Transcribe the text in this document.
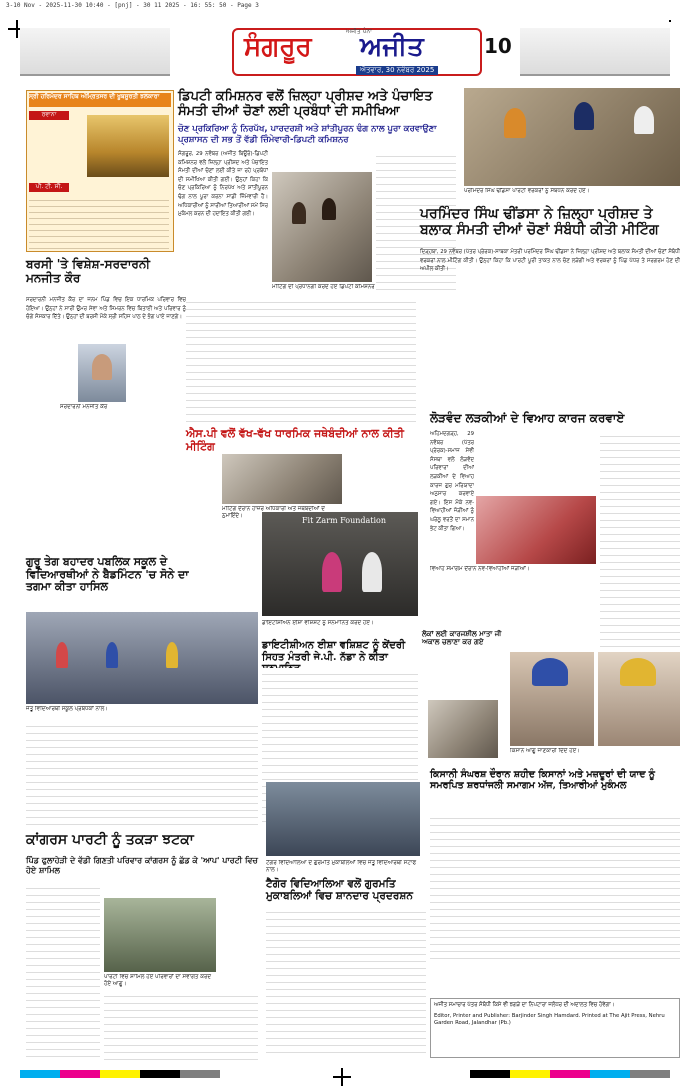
3-10 Nov - 2025-11-30 10:40 - [pnj] - 30 11 2025 - 16: 55: 50 - Page 3
ਸੰਗਰੂਰ
ਅਜੀਤ ਪੰਨਾ
ਅਜੀਤ
ਐਤਵਾਰ, 30 ਨਵੰਬਰ 2025
10
ਸ੍ਰੀ ਹਰਿਮੰਦਰ ਸਾਹਿਬ ਅੰਮ੍ਰਿਤਸਰ ਦੀ ਖੂਬਸੂਰਤੀ ਝਲਕਾਰਾ
ਰਵਾਨਾ
ਪੀ. ਟੀ. ਸੀ.
ਡਿਪਟੀ ਕਮਿਸ਼ਨਰ ਵਲੋਂ ਜ਼ਿਲ੍ਹਾ ਪ੍ਰੀਸ਼ਦ ਅਤੇ ਪੰਚਾਇਤ ਸੰਮਤੀ ਦੀਆਂ ਚੋਣਾਂ ਲਈ ਪ੍ਰਬੰਧਾਂ ਦੀ ਸਮੀਖਿਆ
ਚੋਣ ਪ੍ਰਕਿਰਿਆ ਨੂੰ ਨਿਰਪੱਖ, ਪਾਰਦਰਸ਼ੀ ਅਤੇ ਸ਼ਾਂਤੀਪੂਰਨ ਢੰਗ ਨਾਲ ਪੂਰਾ ਕਰਵਾਉਣਾ ਪ੍ਰਸ਼ਾਸਨ ਦੀ ਸਭ ਤੋਂ ਵੱਡੀ ਜ਼ਿੰਮੇਵਾਰੀ-ਡਿਪਟੀ ਕਮਿਸ਼ਨਰ
ਸੰਗਰੂਰ, 29 ਨਵੰਬਰ (ਅਜੀਤ ਬਿਊਰੋ)-ਡਿਪਟੀ ਕਮਿਸ਼ਨਰ ਵਲੋਂ ਜ਼ਿਲ੍ਹਾ ਪ੍ਰੀਸ਼ਦ ਅਤੇ ਪੰਚਾਇਤ ਸੰਮਤੀ ਦੀਆਂ ਚੋਣਾਂ ਲਈ ਕੀਤੇ ਜਾ ਰਹੇ ਪ੍ਰਬੰਧਾਂ ਦੀ ਸਮੀਖਿਆ ਕੀਤੀ ਗਈ। ਉਨ੍ਹਾਂ ਕਿਹਾ ਕਿ ਚੋਣ ਪ੍ਰਕਿਰਿਆ ਨੂੰ ਨਿਰਪੱਖ ਅਤੇ ਸ਼ਾਂਤੀਪੂਰਨ ਢੰਗ ਨਾਲ ਪੂਰਾ ਕਰਨਾ ਸਾਡੀ ਜ਼ਿੰਮੇਵਾਰੀ ਹੈ। ਅਧਿਕਾਰੀਆਂ ਨੂੰ ਸਾਰੀਆਂ ਤਿਆਰੀਆਂ ਸਮੇਂ ਸਿਰ ਮੁਕੰਮਲ ਕਰਨ ਦੀ ਹਦਾਇਤ ਕੀਤੀ ਗਈ।
ਮੀਟਿੰਗ ਦੀ ਪ੍ਰਧਾਨਗੀ ਕਰਦੇ ਹੋਏ ਡਿਪਟੀ ਕਮਿਸ਼ਨਰ
ਪਰਮਿੰਦਰ ਸਿੰਘ ਢੀਂਡਸਾ ਪਾਰਟੀ ਵਰਕਰਾਂ ਨੂੰ ਸੰਬੋਧਨ ਕਰਦੇ ਹੋਏ।
ਪਰਮਿੰਦਰ ਸਿੰਘ ਢੀਂਡਸਾ ਨੇ ਜ਼ਿਲ੍ਹਾ ਪ੍ਰੀਸ਼ਦ ਤੇ ਬਲਾਕ ਸੰਮਤੀ ਦੀਆਂ ਚੋਣਾਂ ਸੰਬੰਧੀ ਕੀਤੀ ਮੀਟਿੰਗ
ਦਿੜ੍ਹਬਾ, 29 ਨਵੰਬਰ (ਪੱਤਰ ਪ੍ਰੇਰਕ)-ਸਾਬਕਾ ਮੰਤਰੀ ਪਰਮਿੰਦਰ ਸਿੰਘ ਢੀਂਡਸਾ ਨੇ ਜ਼ਿਲ੍ਹਾ ਪ੍ਰੀਸ਼ਦ ਅਤੇ ਬਲਾਕ ਸੰਮਤੀ ਦੀਆਂ ਚੋਣਾਂ ਸੰਬੰਧੀ ਵਰਕਰਾਂ ਨਾਲ ਮੀਟਿੰਗ ਕੀਤੀ। ਉਨ੍ਹਾਂ ਕਿਹਾ ਕਿ ਪਾਰਟੀ ਪੂਰੀ ਤਾਕਤ ਨਾਲ ਚੋਣ ਲੜੇਗੀ ਅਤੇ ਵਰਕਰਾਂ ਨੂੰ ਪਿੰਡ ਪੱਧਰ ਤੇ ਸਰਗਰਮ ਹੋਣ ਦੀ ਅਪੀਲ ਕੀਤੀ।
ਬਰਸੀ 'ਤੇ ਵਿਸ਼ੇਸ਼-ਸਰਦਾਰਨੀ ਮਨਜੀਤ ਕੌਰ
ਸਰਦਾਰਨੀ ਮਨਜੀਤ ਕੌਰ
ਸਰਦਾਰਨੀ ਮਨਜੀਤ ਕੌਰ ਦਾ ਜਨਮ ਪਿੰਡ ਵਿਚ ਇਕ ਧਾਰਮਿਕ ਪਰਿਵਾਰ ਵਿਚ ਹੋਇਆ। ਉਨ੍ਹਾਂ ਨੇ ਸਾਰੀ ਉਮਰ ਸੇਵਾ ਅਤੇ ਸਿਮਰਨ ਵਿਚ ਬਿਤਾਈ ਅਤੇ ਪਰਿਵਾਰ ਨੂੰ ਚੰਗੇ ਸੰਸਕਾਰ ਦਿੱਤੇ। ਉਨ੍ਹਾਂ ਦੀ ਬਰਸੀ ਮੌਕੇ ਸ੍ਰੀ ਸਹਿਜ ਪਾਠ ਦੇ ਭੋਗ ਪਾਏ ਜਾਣਗੇ।
ਐਸ.ਪੀ ਵਲੋਂ ਵੱਖ-ਵੱਖ ਧਾਰਮਿਕ ਜਥੇਬੰਦੀਆਂ ਨਾਲ ਕੀਤੀ ਮੀਟਿੰਗ
ਮੀਟਿੰਗ ਦੌਰਾਨ ਹਾਜ਼ਰ ਅਧਿਕਾਰੀ ਅਤੇ ਜਥੇਬੰਦੀਆਂ ਦੇ ਨੁਮਾਇੰਦੇ।
ਲੋੜਵੰਦ ਲੜਕੀਆਂ ਦੇ ਵਿਆਹ ਕਾਰਜ ਕਰਵਾਏ
ਵਿਆਹ ਸਮਾਗਮ ਦੌਰਾਨ ਨਵ-ਵਿਆਹੀਆਂ ਜੋੜੀਆਂ।
ਅਹਿਮਦਗੜ੍ਹ, 29 ਨਵੰਬਰ (ਪੱਤਰ ਪ੍ਰੇਰਕ)-ਸਮਾਜ ਸੇਵੀ ਸੰਸਥਾ ਵਲੋਂ ਲੋੜਵੰਦ ਪਰਿਵਾਰਾਂ ਦੀਆਂ ਲੜਕੀਆਂ ਦੇ ਵਿਆਹ ਕਾਰਜ ਗੁਰ ਮਰਿਯਾਦਾ ਅਨੁਸਾਰ ਕਰਵਾਏ ਗਏ। ਇਸ ਮੌਕੇ ਨਵ-ਵਿਆਹੀਆਂ ਜੋੜੀਆਂ ਨੂੰ ਘਰੇਲੂ ਵਰਤੋਂ ਦਾ ਸਮਾਨ ਭੇਟ ਕੀਤਾ ਗਿਆ।
ਗੁਰੂ ਤੇਗ ਬਹਾਦਰ ਪਬਲਿਕ ਸਕੂਲ ਦੇ ਵਿਦਿਆਰਥੀਆਂ ਨੇ ਬੈਡਮਿੰਟਨ 'ਚ ਸੋਨੇ ਦਾ ਤਗਮਾ ਕੀਤਾ ਹਾਸਿਲ
ਜੇਤੂ ਵਿਦਿਆਰਥੀ ਸਕੂਲ ਪ੍ਰਬੰਧਕਾਂ ਨਾਲ।
Fit Zarm Foundation
ਡਾਇਟੀਸ਼ੀਅਨ ਈਸ਼ਾ ਵਸ਼ਿਸ਼ਟ ਨੂੰ ਸਨਮਾਨਿਤ ਕਰਦੇ ਹੋਏ।
ਡਾਇਟੀਸ਼ੀਅਨ ਈਸ਼ਾ ਵਸ਼ਿਸ਼ਟ ਨੂੰ ਕੇਂਦਰੀ ਸਿਹਤ ਮੰਤਰੀ ਜੇ.ਪੀ. ਨੱਡਾ ਨੇ ਕੀਤਾ
ਲੋਕਾਂ ਲਈ ਕਾਰਜਸ਼ੀਲ ਮਾਤਾ ਜੀ ਅਕਾਲ ਚਲਾਣਾ ਕਰ ਗਏ
ਕਿਸਾਨ ਆਗੂ ਜਾਣਕਾਰੀ ਦਿੰਦੇ ਹੋਏ।
ਕਿਸਾਨੀ ਸੰਘਰਸ਼ ਦੌਰਾਨ ਸ਼ਹੀਦ ਕਿਸਾਨਾਂ ਅਤੇ ਮਜ਼ਦੂਰਾਂ ਦੀ ਯਾਦ ਨੂੰ ਸਮਰਪਿਤ ਸ਼ਰਧਾਂਜਲੀ ਸਮਾਗਮ ਅੱਜ, ਤਿਆਰੀਆਂ ਮੁਕੰਮਲ
ਕਾਂਗਰਸ ਪਾਰਟੀ ਨੂੰ ਤਕੜਾ ਝਟਕਾ
ਪਿੰਡ ਫੁਲਾਹੇੜੀ ਦੇ ਵੱਡੀ ਗਿਣਤੀ ਪਰਿਵਾਰ ਕਾਂਗਰਸ ਨੂੰ ਛੱਡ ਕੇ 'ਆਪ' ਪਾਰਟੀ ਵਿਚ ਹੋਏ ਸ਼ਾਮਿਲ
ਪਾਰਟੀ ਵਿਚ ਸ਼ਾਮਿਲ ਹੋਏ ਪਰਿਵਾਰਾਂ ਦਾ ਸਵਾਗਤ ਕਰਦੇ ਹੋਏ ਆਗੂ।
ਟੈਗੋਰ ਵਿਦਿਆਲਿਆ ਦੇ ਗੁਰਮਤਿ ਮੁਕਾਬਲਿਆਂ ਵਿਚ ਜੇਤੂ ਵਿਦਿਆਰਥੀ ਸਟਾਫ ਨਾਲ।
ਟੈਗੋਰ ਵਿਦਿਆਲਿਆ ਵਲੋਂ ਗੁਰਮਤਿ ਮੁਕਾਬਲਿਆਂ ਵਿਚ ਸ਼ਾਨਦਾਰ ਪ੍ਰਦਰਸ਼ਨ
ਅਜੀਤ ਸਮਾਚਾਰ ਪੱਤਰ ਸੰਬੰਧੀ ਕਿਸੇ ਵੀ ਝਗੜੇ ਦਾ ਨਿਪਟਾਰਾ ਜਲੰਧਰ ਦੀ ਅਦਾਲਤ ਵਿਚ ਹੋਵੇਗਾ।
Editor, Printer and Publisher: Barjinder Singh Hamdard. Printed at The Ajit Press, Nehru Garden Road, Jalandhar (Pb.)
